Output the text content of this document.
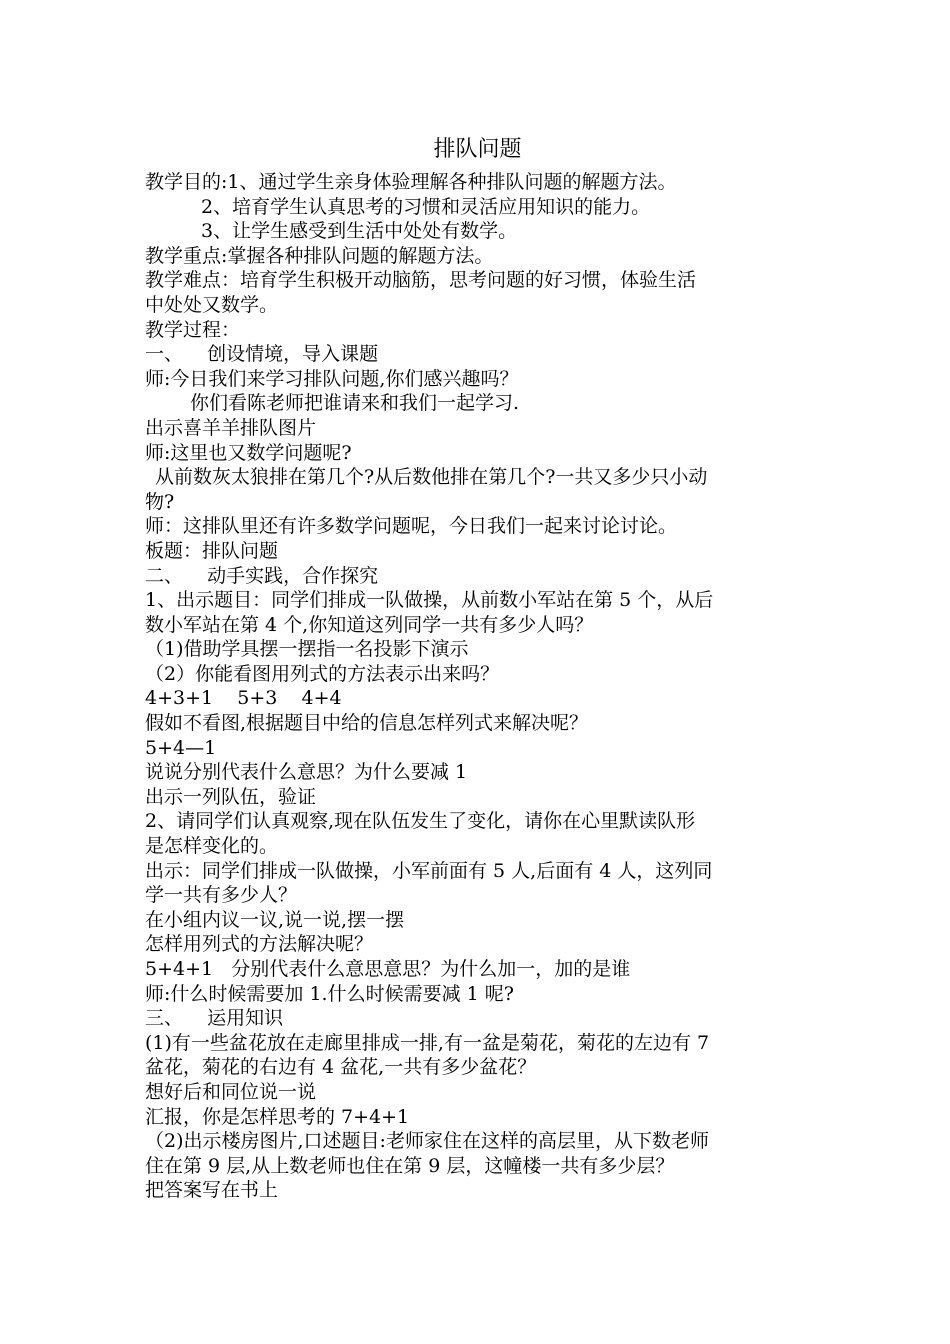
排队问题

教学目的:1、通过学生亲身体验理解各种排队问题的解题方法。

2、培育学生认真思考的习惯和灵活应用知识的能力。

3、让学生感受到生活中处处有数学。

教学重点:掌握各种排队问题的解题方法。

教学难点：培育学生积极开动脑筋，思考问题的好习惯，体验生活

中处处又数学。

教学过程：

一、    创设情境，导入课题

师:今日我们来学习排队问题,你们感兴趣吗？

你们看陈老师把谁请来和我们一起学习.

出示喜羊羊排队图片

师:这里也又数学问题呢?

从前数灰太狼排在第几个?从后数他排在第几个?一共又多少只小动

物?

师：这排队里还有许多数学问题呢，今日我们一起来讨论讨论。

板题：排队问题

二、    动手实践，合作探究

1、出示题目：同学们排成一队做操，从前数小军站在第 5 个，从后

数小军站在第 4 个,你知道这列同学一共有多少人吗？

（1)借助学具摆一摆指一名投影下演示

（2）你能看图用列式的方法表示出来吗？

4+3+1    5+3    4+4

假如不看图,根据题目中给的信息怎样列式来解决呢？

5+4—1

说说分别代表什么意思？为什么要减 1

出示一列队伍，验证

2、请同学们认真观察,现在队伍发生了变化，请你在心里默读队形

是怎样变化的。

出示：同学们排成一队做操，小军前面有 5 人,后面有 4 人，这列同

学一共有多少人？

在小组内议一议,说一说,摆一摆

怎样用列式的方法解决呢？

5+4+1   分别代表什么意思意思？为什么加一，加的是谁

师:什么时候需要加 1.什么时候需要减 1 呢?

三、    运用知识

(1)有一些盆花放在走廊里排成一排,有一盆是菊花，菊花的左边有 7

盆花，菊花的右边有 4 盆花,一共有多少盆花？

想好后和同位说一说

汇报，你是怎样思考的 7+4+1

（2)出示楼房图片,口述题目:老师家住在这样的高层里，从下数老师

住在第 9 层,从上数老师也住在第 9 层，这幢楼一共有多少层？

把答案写在书上
